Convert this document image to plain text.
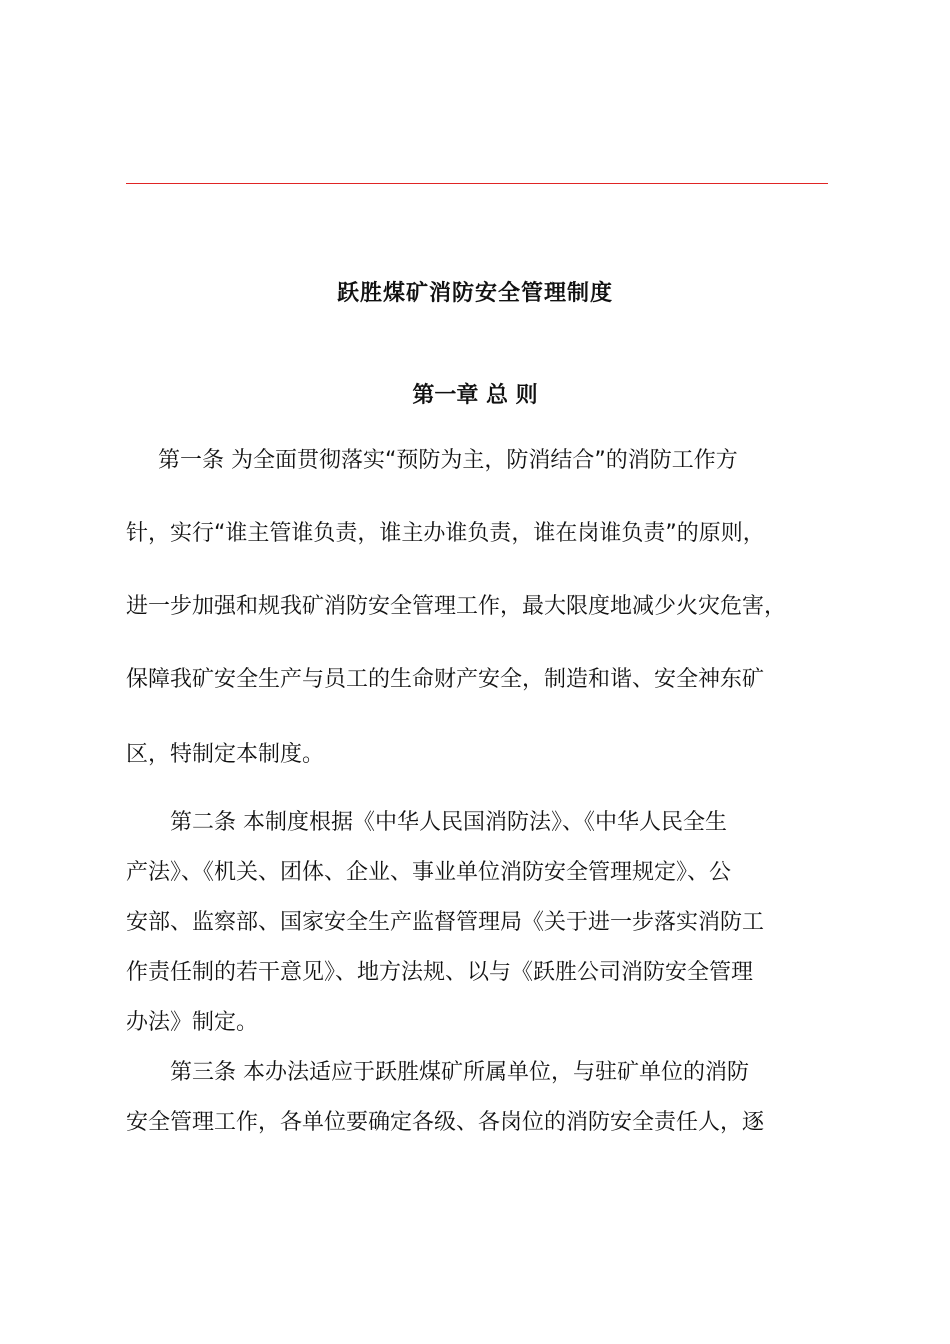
跃胜煤矿消防安全管理制度
第一章 总 则
第一条 为全面贯彻落实“预防为主，防消结合”的消防工作方
针，实行“谁主管谁负责，谁主办谁负责，谁在岗谁负责”的原则，
进一步加强和规我矿消防安全管理工作，最大限度地减少火灾危害，
保障我矿安全生产与员工的生命财产安全，制造和谐、安全神东矿
区，特制定本制度。
第二条 本制度根据《中华人民国消防法》、《中华人民全生
产法》、《机关、团体、企业、事业单位消防安全管理规定》、公
安部、监察部、国家安全生产监督管理局《关于进一步落实消防工
作责任制的若干意见》、地方法规、以与《跃胜公司消防安全管理
办法》制定。
第三条 本办法适应于跃胜煤矿所属单位，与驻矿单位的消防
安全管理工作，各单位要确定各级、各岗位的消防安全责任人，逐
